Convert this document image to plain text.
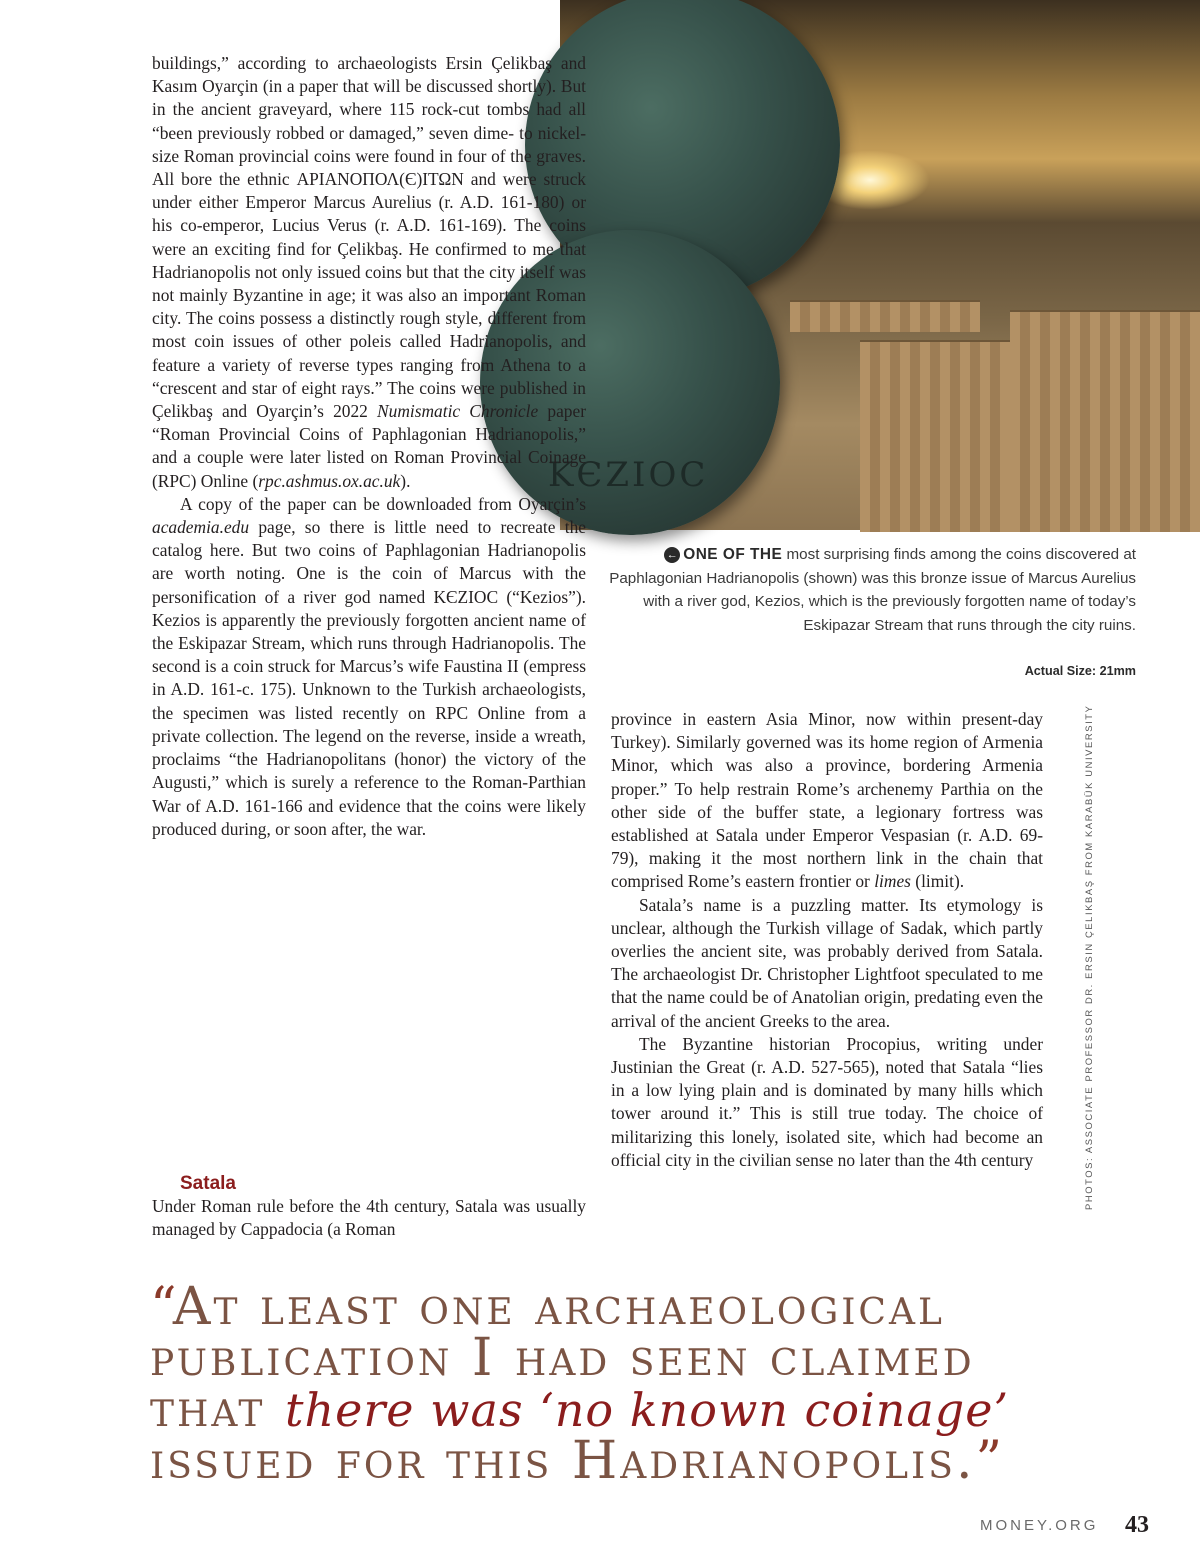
ΚЄΖΙΟϹ

buildings,” according to archaeologists Ersin Çelikbaş and Kasım Oyarçin (in a paper that will be discussed shortly). But in the ancient graveyard, where 115 rock-cut tombs had all “been previously robbed or damaged,” seven dime- to nickel-size Roman provincial coins were found in four of the graves. All bore the ethnic ΑΡΙΑΝΟΠΟΛ(Є)ΙΤΩΝ and were struck under either Emperor Marcus Aurelius (r. A.D. 161-180) or his co-emperor, Lucius Verus (r. A.D. 161-169). The coins were an exciting find for Çelikbaş. He confirmed to me that Hadrianopolis not only issued coins but that the city itself was not mainly Byzantine in age; it was also an important Roman city. The coins possess a distinctly rough style, different from most coin issues of other poleis called Hadrianopolis, and feature a variety of reverse types ranging from Athena to a “crescent and star of eight rays.” The coins were published in Çelikbaş and Oyarçin’s 2022 Numismatic Chronicle paper “Roman Provincial Coins of Paphlagonian Hadrianopolis,” and a couple were later listed on Roman Provincial Coinage (RPC) Online (rpc.ashmus.ox.ac.uk).

A copy of the paper can be downloaded from Oyarçin’s academia.edu page, so there is little need to recreate the catalog here. But two coins of Paphlagonian Hadrianopolis are worth noting. One is the coin of Marcus with the personification of a river god named ΚЄΖΙΟϹ (“Kezios”). Kezios is apparently the previously forgotten ancient name of the Eskipazar Stream, which runs through Hadrianopolis. The second is a coin struck for Marcus’s wife Faustina II (empress in A.D. 161-c. 175). Unknown to the Turkish archaeologists, the specimen was listed recently on RPC Online from a private collection. The legend on the reverse, inside a wreath, proclaims “the Hadrianopolitans (honor) the victory of the Augusti,” which is surely a reference to the Roman-Parthian War of A.D. 161-166 and evidence that the coins were likely produced during, or soon after, the war.

Satala

Under Roman rule before the 4th century, Satala was usually managed by Cappadocia (a Roman

← ONE OF THE most surprising finds among the coins discovered at Paphlagonian Hadrianopolis (shown) was this bronze issue of Marcus Aurelius with a river god, Kezios, which is the previously forgotten name of today’s Eskipazar Stream that runs through the city ruins.
Actual Size: 21mm

province in eastern Asia Minor, now within present-day Turkey). Similarly governed was its home region of Armenia Minor, which was also a province, bordering Armenia proper.” To help restrain Rome’s archenemy Parthia on the other side of the buffer state, a legionary fortress was established at Satala under Emperor Vespasian (r. A.D. 69-79), making it the most northern link in the chain that comprised Rome’s eastern frontier or limes (limit).

Satala’s name is a puzzling matter. Its etymology is unclear, although the Turkish village of Sadak, which partly overlies the ancient site, was probably derived from Satala. The archaeologist Dr. Christopher Lightfoot speculated to me that the name could be of Anatolian origin, predating even the arrival of the ancient Greeks to the area.

The Byzantine historian Procopius, writing under Justinian the Great (r. A.D. 527-565), noted that Satala “lies in a low lying plain and is dominated by many hills which tower around it.” This is still true today. The choice of militarizing this lonely, isolated site, which had become an official city in the civilian sense no later than the 4th century	PHOTOS: ASSOCIATE PROFESSOR DR. ERSIN ÇELIKBAŞ FROM KARABÜK UNIVERSITY
“At least one archaeological
publication I had seen claimed
that there was ‘no known coinage’
issued for this Hadrianopolis.”
MONEY.ORG 43
